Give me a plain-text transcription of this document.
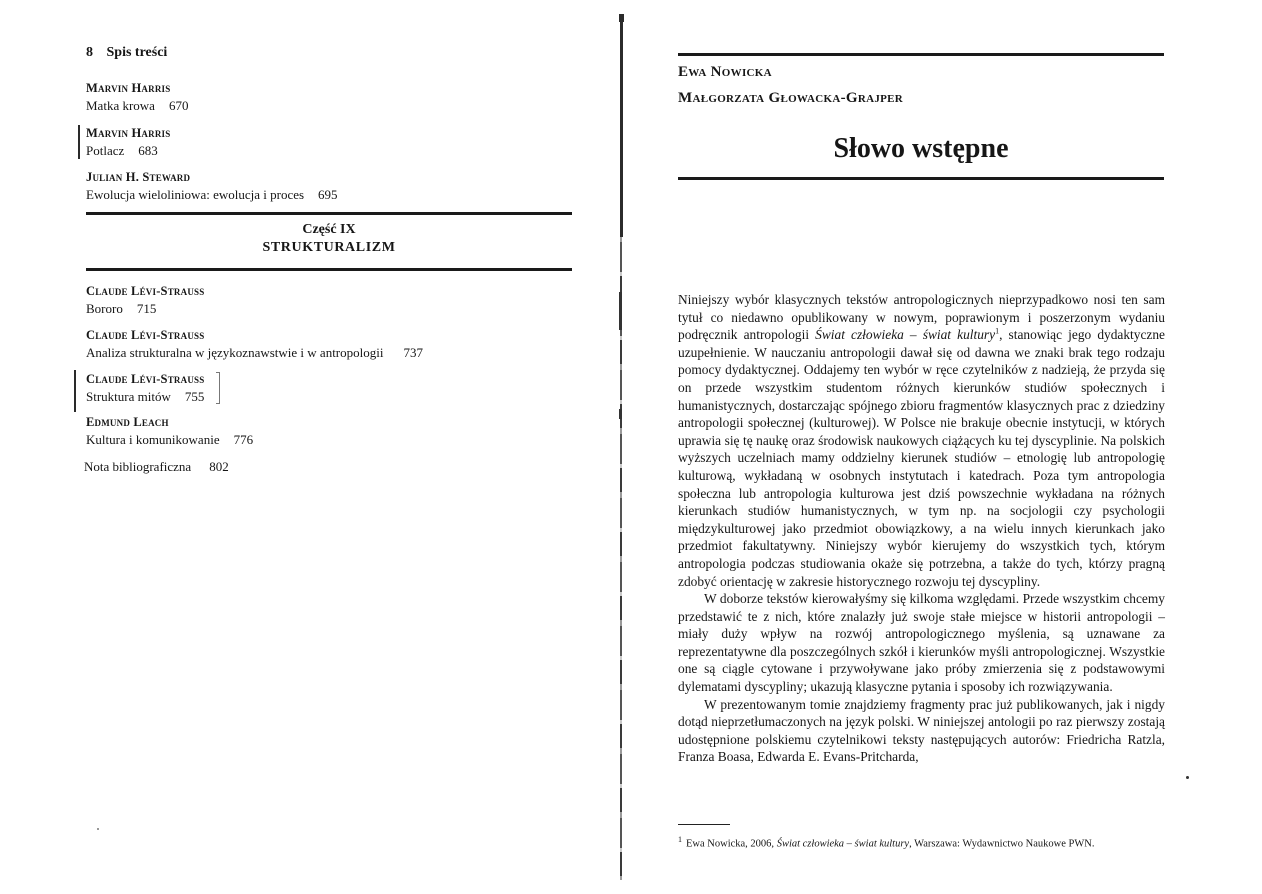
8 Spis treści
Marvin Harris
Matka krowa 670
Marvin Harris
Potlacz 683
Julian H. Steward
Ewolucja wieloliniowa: ewolucja i proces 695
Część IX
STRUKTURALIZM
Claude Lévi-Strauss
Bororo 715
Claude Lévi-Strauss
Analiza strukturalna w językoznawstwie i w antropologii 737
Claude Lévi-Strauss
Struktura mitów 755
Edmund Leach
Kultura i komunikowanie 776
Nota bibliograficzna 802
Ewa Nowicka
Małgorzata Głowacka-Grajper
Słowo wstępne

Niniejszy wybór klasycznych tekstów antropologicznych nieprzypadkowo nosi ten sam tytuł co niedawno opublikowany w nowym, poprawionym i poszerzonym wydaniu podręcznik antropologii Świat człowieka – świat kultury$^1$, stanowiąc jego dydaktyczne uzupełnienie. W nauczaniu antropologii dawał się od dawna we znaki brak tego rodzaju pomocy dydaktycznej. Oddajemy ten wybór w ręce czytelników z nadzieją, że przyda się on przede wszystkim studentom różnych kierunków studiów społecznych i humanistycznych, dostarczając spójnego zbioru fragmentów klasycznych prac z dziedziny antropologii społecznej (kulturowej). W Polsce nie brakuje obecnie instytucji, w których uprawia się tę naukę oraz środowisk naukowych ciążących ku tej dyscyplinie. Na polskich wyższych uczelniach mamy oddzielny kierunek studiów – etnologię lub antropologię kulturową, wykładaną w osobnych instytutach i katedrach. Poza tym antropologia społeczna lub antropologia kulturowa jest dziś powszechnie wykładana na różnych kierunkach studiów humanistycznych, w tym np. na socjologii czy psychologii międzykulturowej jako przedmiot obowiązkowy, a na wielu innych kierunkach jako przedmiot fakultatywny. Niniejszy wybór kierujemy do wszystkich tych, którym antropologia podczas studiowania okaże się potrzebna, a także do tych, którzy pragną zdobyć orientację w zakresie historycznego rozwoju tej dyscypliny.

W doborze tekstów kierowałyśmy się kilkoma względami. Przede wszystkim chcemy przedstawić te z nich, które znalazły już swoje stałe miejsce w historii antropologii – miały duży wpływ na rozwój antropologicznego myślenia, są uznawane za reprezentatywne dla poszczególnych szkół i kierunków myśli antropologicznej. Wszystkie one są ciągle cytowane i przywoływane jako próby zmierzenia się z podstawowymi dylematami dyscypliny; ukazują klasyczne pytania i sposoby ich rozwiązywania.

W prezentowanym tomie znajdziemy fragmenty prac już publikowanych, jak i nigdy dotąd nieprzetłumaczonych na język polski. W niniejszej antologii po raz pierwszy zostają udostępnione polskiemu czytelnikowi teksty następujących autorów: Friedricha Ratzla, Franza Boasa, Edwarda E. Evans-Pritcharda,

$^1$ Ewa Nowicka, 2006, Świat człowieka – świat kultury, Warszawa: Wydawnictwo Naukowe PWN.
